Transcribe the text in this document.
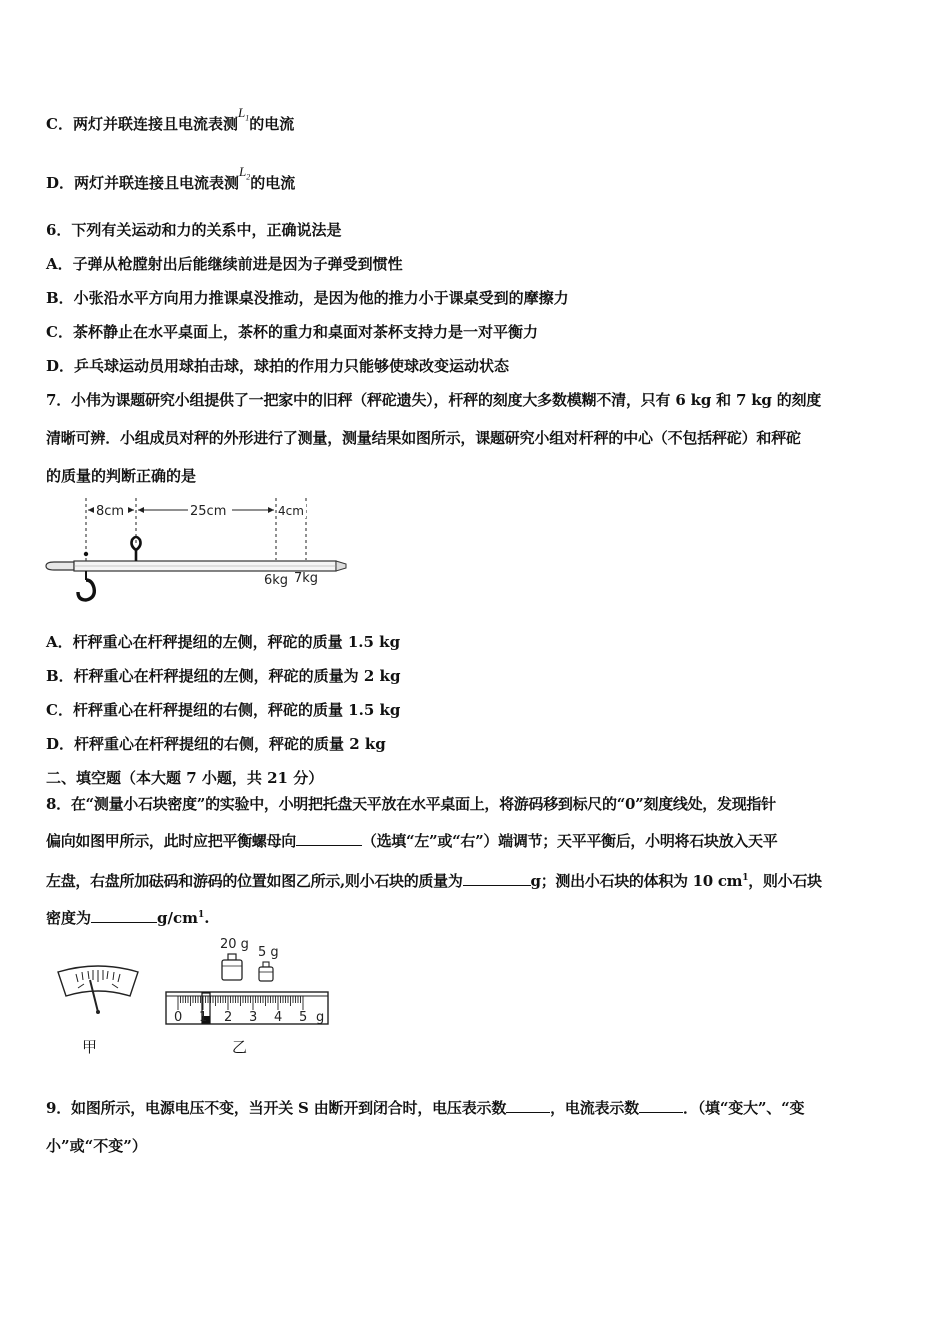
C．两灯并联连接且电流表测$L_1$的电流
D．两灯并联连接且电流表测$L_2$的电流
6．下列有关运动和力的关系中，正确说法是
A．子弹从枪膛射出后能继续前进是因为子弹受到惯性
B．小张沿水平方向用力推课桌没推动，是因为他的推力小于课桌受到的摩擦力
C．茶杯静止在水平桌面上，茶杯的重力和桌面对茶杯支持力是一对平衡力
D．乒乓球运动员用球拍击球，球拍的作用力只能够使球改变运动状态
7．小伟为课题研究小组提供了一把家中的旧秤（秤砣遗失），杆秤的刻度大多数模糊不清，只有 6 kg 和 7 kg 的刻度
清晰可辨．小组成员对秤的外形进行了测量，测量结果如图所示，课题研究小组对杆秤的中心（不包括秤砣）和秤砣
的质量的判断正确的是
8cm	25cm	4cm
6kg 7kg
A．杆秤重心在杆秤提纽的左侧，秤砣的质量 1.5 kg
B．杆秤重心在杆秤提纽的左侧，秤砣的质量为 2 kg
C．杆秤重心在杆秤提纽的右侧，秤砣的质量 1.5 kg
D．杆秤重心在杆秤提纽的右侧，秤砣的质量 2 kg
二、填空题（本大题 7 小题，共 21 分）
8．在“测量小石块密度”的实验中，小明把托盘天平放在水平桌面上，将游码移到标尺的“0”刻度线处，发现指针
偏向如图甲所示，此时应把平衡螺母向	（选填“左”或“右”）端调节；天平平衡后，小明将石块放入天平
左盘，右盘所加砝码和游码的位置如图乙所示,则小石块的质量为	g；测出小石块的体积为 10 $cm^1$，则小石块
密度为	$g/cm^1$.
甲
20 g
5 g
0 1 2 3 4 5 g
乙
9．如图所示，电源电压不变，当开关 S 由断开到闭合时，电压表示数	，电流表示数	．（填“变大”、“变
小”或“不变”）
